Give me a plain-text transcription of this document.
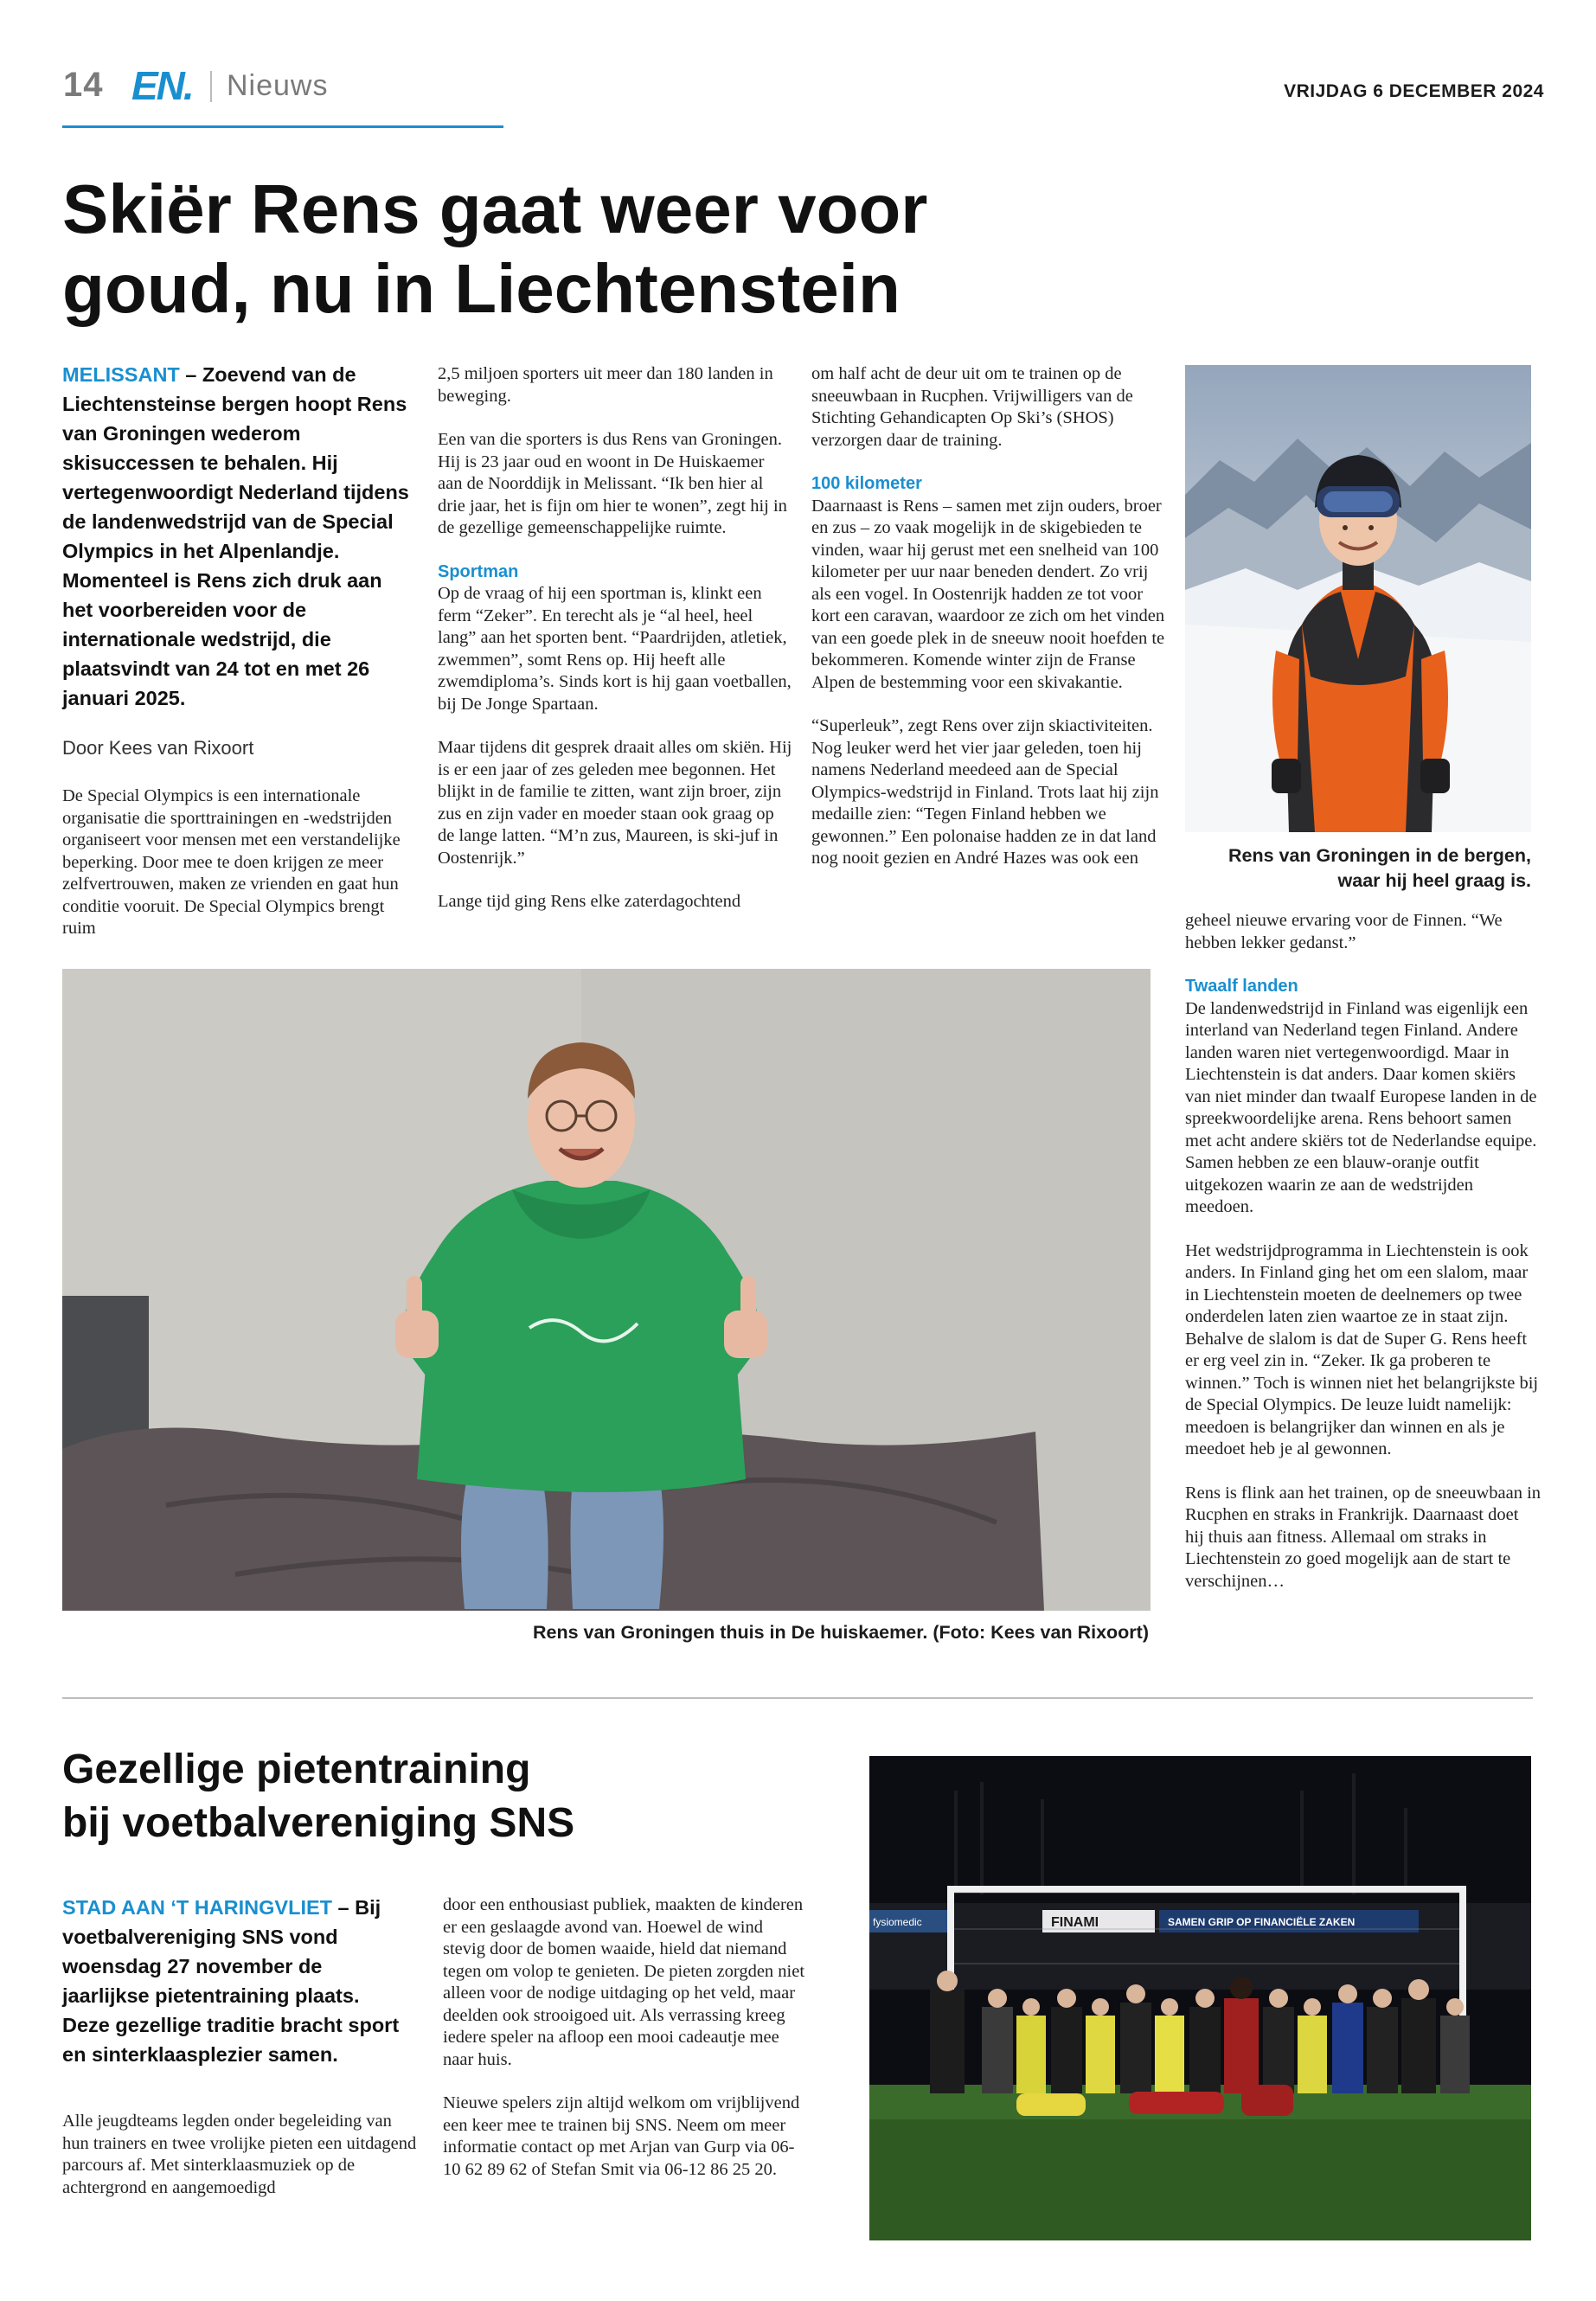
14 EN. Nieuws	VRIJDAG 6 DECEMBER 2024
Skiër Rens gaat weer voor
goud, nu in Liechtenstein
MELISSANT – Zoevend van de Liechtensteinse bergen hoopt Rens van Groningen wederom skisuccessen te behalen. Hij vertegenwoordigt Nederland tijdens de landenwedstrijd van de Special Olympics in het Alpenlandje. Momenteel is Rens zich druk aan het voorbereiden voor de internationale wedstrijd, die plaatsvindt van 24 tot en met 26 januari 2025.
Door Kees van Rixoort

De Special Olympics is een internationale organisatie die sporttrainingen en -wedstrijden organiseert voor mensen met een verstandelijke beperking. Door mee te doen krijgen ze meer zelfvertrouwen, maken ze vrienden en gaat hun conditie vooruit. De Special Olympics brengt ruim

2,5 miljoen sporters uit meer dan 180 landen in beweging.

Een van die sporters is dus Rens van Groningen. Hij is 23 jaar oud en woont in De Huiskaemer aan de Noorddijk in Melissant. “Ik ben hier al drie jaar, het is fijn om hier te wonen”, zegt hij in de gezellige gemeenschappelijke ruimte.

Sportman

Op de vraag of hij een sportman is, klinkt een ferm “Zeker”. En terecht als je “al heel, heel lang” aan het sporten bent. “Paardrijden, atletiek, zwemmen”, somt Rens op. Hij heeft alle zwemdiploma’s. Sinds kort is hij gaan voetballen, bij De Jonge Spartaan.

Maar tijdens dit gesprek draait alles om skiën. Hij is er een jaar of zes geleden mee begonnen. Het blijkt in de familie te zitten, want zijn broer, zijn zus en zijn vader en moeder staan ook graag op de lange latten. “M’n zus, Maureen, is ski-juf in Oostenrijk.”

Lange tijd ging Rens elke zaterdagochtend

om half acht de deur uit om te trainen op de sneeuwbaan in Rucphen. Vrijwilligers van de Stichting Gehandicapten Op Ski’s (SHOS) verzorgen daar de training.

100 kilometer

Daarnaast is Rens – samen met zijn ouders, broer en zus – zo vaak mogelijk in de skigebieden te vinden, waar hij gerust met een snelheid van 100 kilometer per uur naar beneden dendert. Zo vrij als een vogel. In Oostenrijk hadden ze tot voor kort een caravan, waardoor ze zich om het vinden van een goede plek in de sneeuw nooit hoefden te bekommeren. Komende winter zijn de Franse Alpen de bestemming voor een skivakantie.

“Superleuk”, zegt Rens over zijn skiactiviteiten. Nog leuker werd het vier jaar geleden, toen hij namens Nederland meedeed aan de Special Olympics-wedstrijd in Finland. Trots laat hij zijn medaille zien: “Tegen Finland hebben we gewonnen.” Een polonaise hadden ze in dat land nog nooit gezien en André Hazes was ook een	Rens van Groningen in de bergen, waar hij heel graag is.

geheel nieuwe ervaring voor de Finnen. “We hebben lekker gedanst.”

Twaalf landen

De landenwedstrijd in Finland was eigenlijk een interland van Nederland tegen Finland. Andere landen waren niet vertegenwoordigd. Maar in Liechtenstein is dat anders. Daar komen skiërs van niet minder dan twaalf Europese landen in de spreekwoordelijke arena. Rens behoort samen met acht andere skiërs tot de Nederlandse equipe. Samen hebben ze een blauw-oranje outfit uitgekozen waarin ze aan de wedstrijden meedoen.

Het wedstrijdprogramma in Liechtenstein is ook anders. In Finland ging het om een slalom, maar in Liechtenstein moeten de deelnemers op twee onderdelen laten zien waartoe ze in staat zijn. Behalve de slalom is dat de Super G. Rens heeft er erg veel zin in. “Zeker. Ik ga proberen te winnen.” Toch is winnen niet het belangrijkste bij de Special Olympics. De leuze luidt namelijk: meedoen is belangrijker dan winnen en als je meedoet heb je al gewonnen.

Rens is flink aan het trainen, op de sneeuwbaan in Rucphen en straks in Frankrijk. Daarnaast doet hij thuis aan fitness. Allemaal om straks in Liechtenstein zo goed mogelijk aan de start te verschijnen…

Rens van Groningen thuis in De huiskaemer. (Foto: Kees van Rixoort)
Gezellige pietentraining
bij voetbalvereniging SNS
STAD AAN ‘T HARINGVLIET – Bij voetbalvereniging SNS vond woensdag 27 november de jaarlijkse pietentraining plaats. Deze gezellige traditie bracht sport en sinterklaasplezier samen.

Alle jeugdteams legden onder begeleiding van hun trainers en twee vrolijke pieten een uitdagend parcours af. Met sinterklaasmuziek op de achtergrond en aangemoedigd

door een enthousiast publiek, maakten de kinderen er een geslaagde avond van. Hoewel de wind stevig door de bomen waaide, hield dat niemand tegen om volop te genieten. De pieten zorgden niet alleen voor de nodige uitdaging op het veld, maar deelden ook strooigoed uit. Als verrassing kreeg iedere speler na afloop een mooi cadeautje mee naar huis.

Nieuwe spelers zijn altijd welkom om vrijblijvend een keer mee te trainen bij SNS. Neem om meer informatie contact op met Arjan van Gurp via 06-10 62 89 62 of Stefan Smit via 06-12 86 25 20.

FINAMI	SAMEN GRIP OP FINANCIËLE ZAKEN
fysiomedic
